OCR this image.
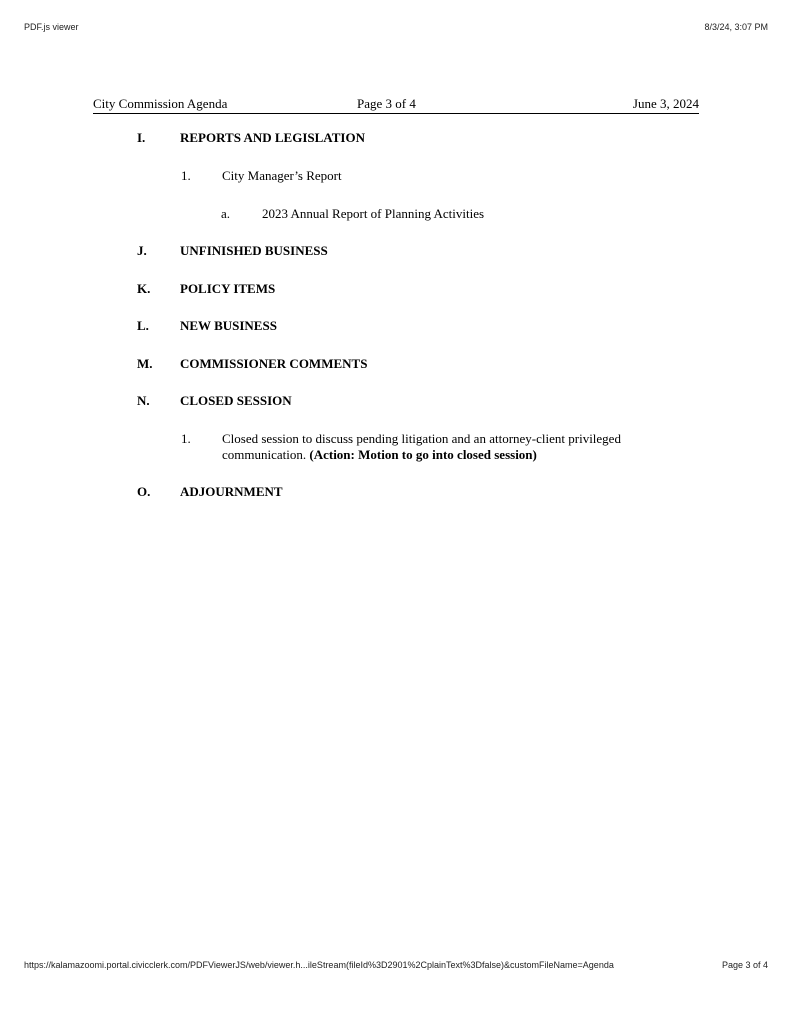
PDF.js viewer	8/3/24, 3:07 PM
City Commission Agenda	Page 3 of 4	June 3, 2024
I.	REPORTS AND LEGISLATION
1. City Manager’s Report
a. 2023 Annual Report of Planning Activities
J.	UNFINISHED BUSINESS
K. POLICY ITEMS
L. NEW BUSINESS
M. COMMISSIONER COMMENTS
N. CLOSED SESSION
1. Closed session to discuss pending litigation and an attorney-client privileged communication. (Action: Motion to go into closed session)
O. ADJOURNMENT
https://kalamazoomi.portal.civicclerk.com/PDFViewerJS/web/viewer.h...ileStream(fileId%3D2901%2CplainText%3Dfalse)&customFileName=Agenda	Page 3 of 4
